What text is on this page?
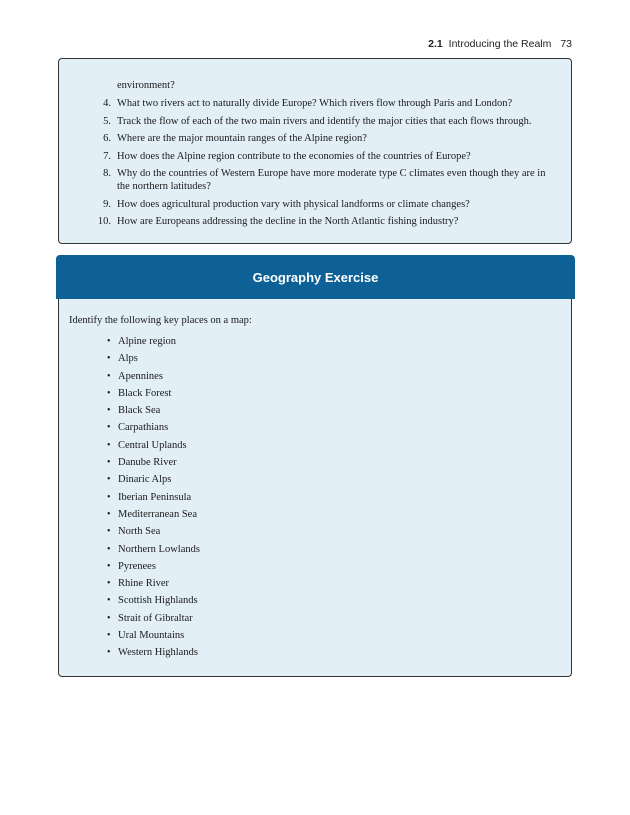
2.1 Introducing the Realm 73
environment?
4. What two rivers act to naturally divide Europe? Which rivers flow through Paris and London?
5. Track the flow of each of the two main rivers and identify the major cities that each flows through.
6. Where are the major mountain ranges of the Alpine region?
7. How does the Alpine region contribute to the economies of the countries of Europe?
8. Why do the countries of Western Europe have more moderate type C climates even though they are in the northern latitudes?
9. How does agricultural production vary with physical landforms or climate changes?
10. How are Europeans addressing the decline in the North Atlantic fishing industry?
Geography Exercise

Identify the following key places on a map:

• Alpine region
• Alps
• Apennines
• Black Forest
• Black Sea
• Carpathians
• Central Uplands
• Danube River
• Dinaric Alps
• Iberian Peninsula
• Mediterranean Sea
• North Sea
• Northern Lowlands
• Pyrenees
• Rhine River
• Scottish Highlands
• Strait of Gibraltar
• Ural Mountains
• Western Highlands
